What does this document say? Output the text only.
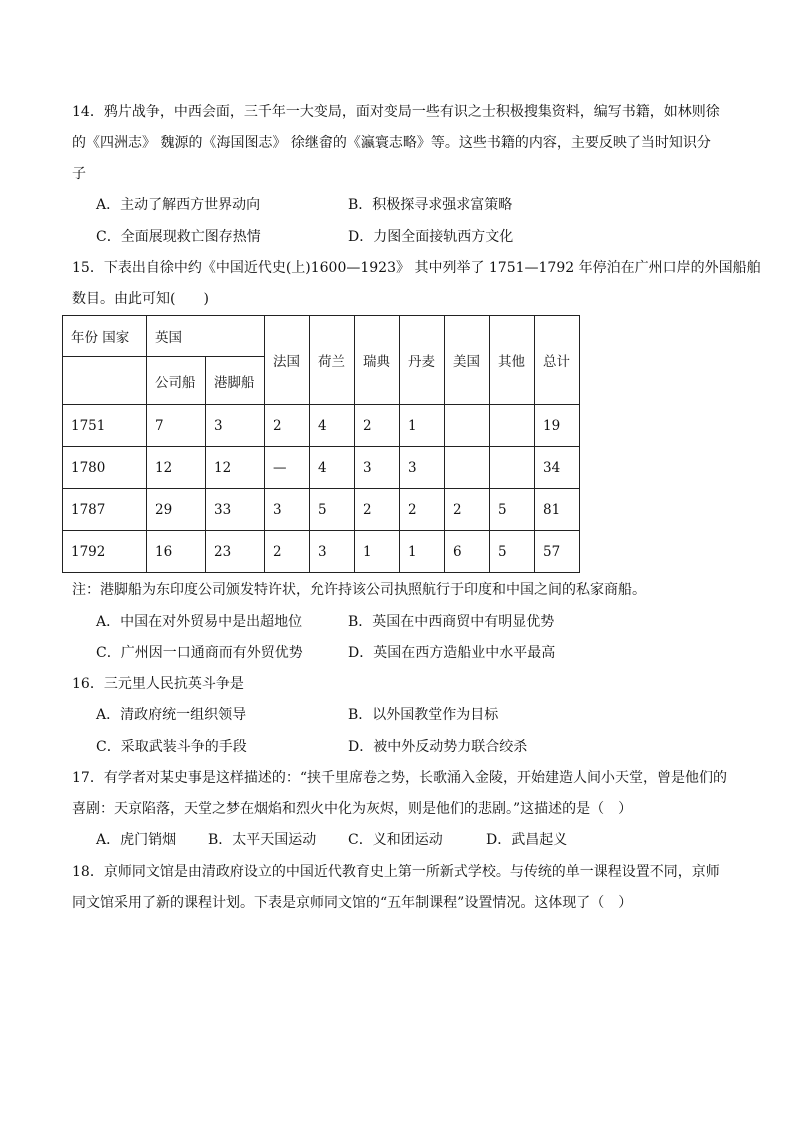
14．鸦片战争，中西会面，三千年一大变局，面对变局一些有识之士积极搜集资料，编写书籍，如林则徐
的《四洲志》 魏源的《海国图志》 徐继畲的《瀛寰志略》等。这些书籍的内容，主要反映了当时知识分
子
A．主动了解西方世界动向	B．积极探寻求强求富策略
C．全面展现救亡图存热情	D．力图全面接轨西方文化
15．下表出自徐中约《中国近代史(上)1600—1923》 其中列举了 1751—1792 年停泊在广州口岸的外国船舶
数目。由此可知(　　)
年份 国家	英国		法国	荷兰	瑞典	丹麦	美国	其他	总计
	公司船	港脚船							
1751	7	3	2	4	2	1			19
1780	12	12	—	4	3	3			34
1787	29	33	3	5	2	2	2	5	81
1792	16	23	2	3	1	1	6	5	57
注：港脚船为东印度公司颁发特许状，允许持该公司执照航行于印度和中国之间的私家商船。
A．中国在对外贸易中是出超地位	B．英国在中西商贸中有明显优势
C．广州因一口通商而有外贸优势	D．英国在西方造船业中水平最高
16．三元里人民抗英斗争是
A．清政府统一组织领导	B．以外国教堂作为目标
C．采取武装斗争的手段	D．被中外反动势力联合绞杀
17．有学者对某史事是这样描述的：“挟千里席卷之势，长歌涌入金陵，开始建造人间小天堂，曾是他们的
喜剧：天京陷落，天堂之梦在烟焰和烈火中化为灰烬，则是他们的悲剧。”这描述的是（　）
A．虎门销烟 B．太平天国运动 C．义和团运动	D．武昌起义
18．京师同文馆是由清政府设立的中国近代教育史上第一所新式学校。与传统的单一课程设置不同，京师
同文馆采用了新的课程计划。下表是京师同文馆的“五年制课程”设置情况。这体现了（　）
